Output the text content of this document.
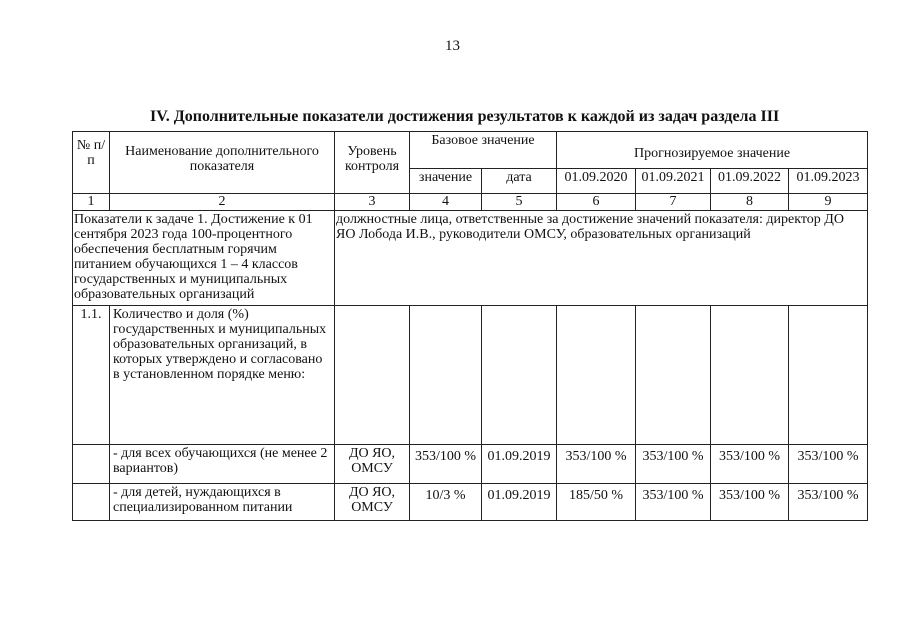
13
IV. Дополнительные показатели достижения результатов к каждой из задач раздела III
№ п/п	Наименование дополнительного показателя	Уровень контроля	Базовое значение		Прогнозируемое значение			
			значение	дата	01.09.2020	01.09.2021	01.09.2022	01.09.2023
1	2	3	4	5	6	7	8	9
Показатели к задаче 1. Достижение к 01 сентября 2023 года 100-процентного обеспечения бесплатным горячим питанием обучающихся 1 – 4 классов государственных и муниципальных образовательных организаций		должностные лица, ответственные за достижение значений показателя: директор ДО ЯО Лобода И.В., руководители ОМСУ, образовательных организаций						
1.1.	Количество и доля (%) государственных и муниципальных образовательных организаций, в которых утверждено и согласовано в установленном порядке меню:							
	- для всех обучающихся (не менее 2 вариантов)	ДО ЯО, ОМСУ	353/100 %	01.09.2019	353/100 %	353/100 %	353/100 %	353/100 %
	- для детей, нуждающихся в специализированном питании	ДО ЯО, ОМСУ	10/3 %	01.09.2019	185/50 %	353/100 %	353/100 %	353/100 %
